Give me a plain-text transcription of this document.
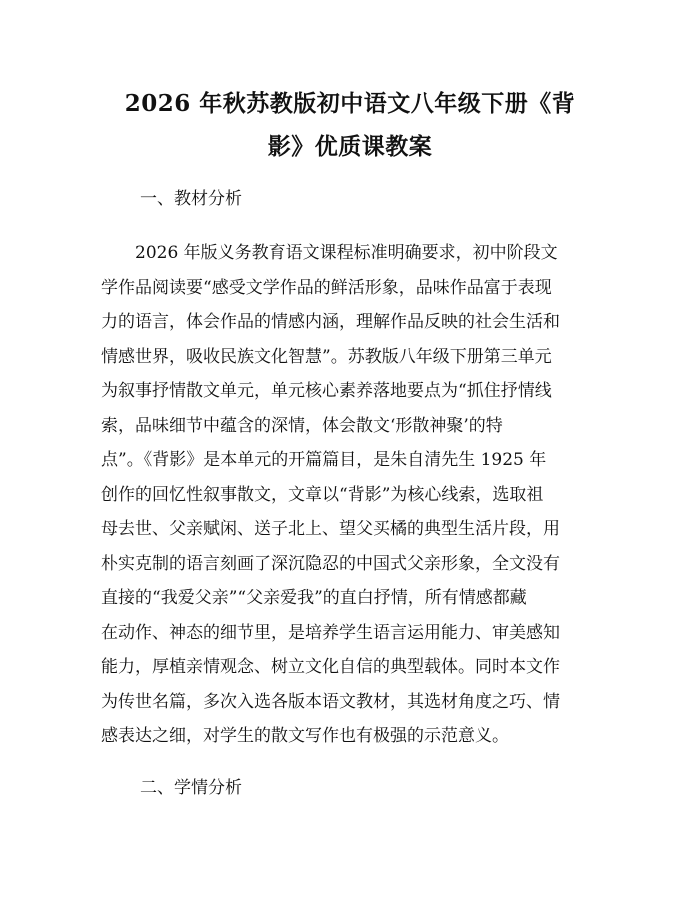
2026 年秋苏教版初中语文八年级下册《背
影》优质课教案
一、教材分析
　　2026 年版义务教育语文课程标准明确要求，初中阶段文
学作品阅读要“感受文学作品的鲜活形象，品味作品富于表现
力的语言，体会作品的情感内涵，理解作品反映的社会生活和
情感世界，吸收民族文化智慧”。苏教版八年级下册第三单元
为叙事抒情散文单元，单元核心素养落地要点为“抓住抒情线
索，品味细节中蕴含的深情，体会散文‘形散神聚’的特
点”。《背影》是本单元的开篇篇目，是朱自清先生 1925 年
创作的回忆性叙事散文，文章以“背影”为核心线索，选取祖
母去世、父亲赋闲、送子北上、望父买橘的典型生活片段，用
朴实克制的语言刻画了深沉隐忍的中国式父亲形象，全文没有
直接的“我爱父亲”“父亲爱我”的直白抒情，所有情感都藏
在动作、神态的细节里，是培养学生语言运用能力、审美感知
能力，厚植亲情观念、树立文化自信的典型载体。同时本文作
为传世名篇，多次入选各版本语文教材，其选材角度之巧、情
感表达之细，对学生的散文写作也有极强的示范意义。
二、学情分析
